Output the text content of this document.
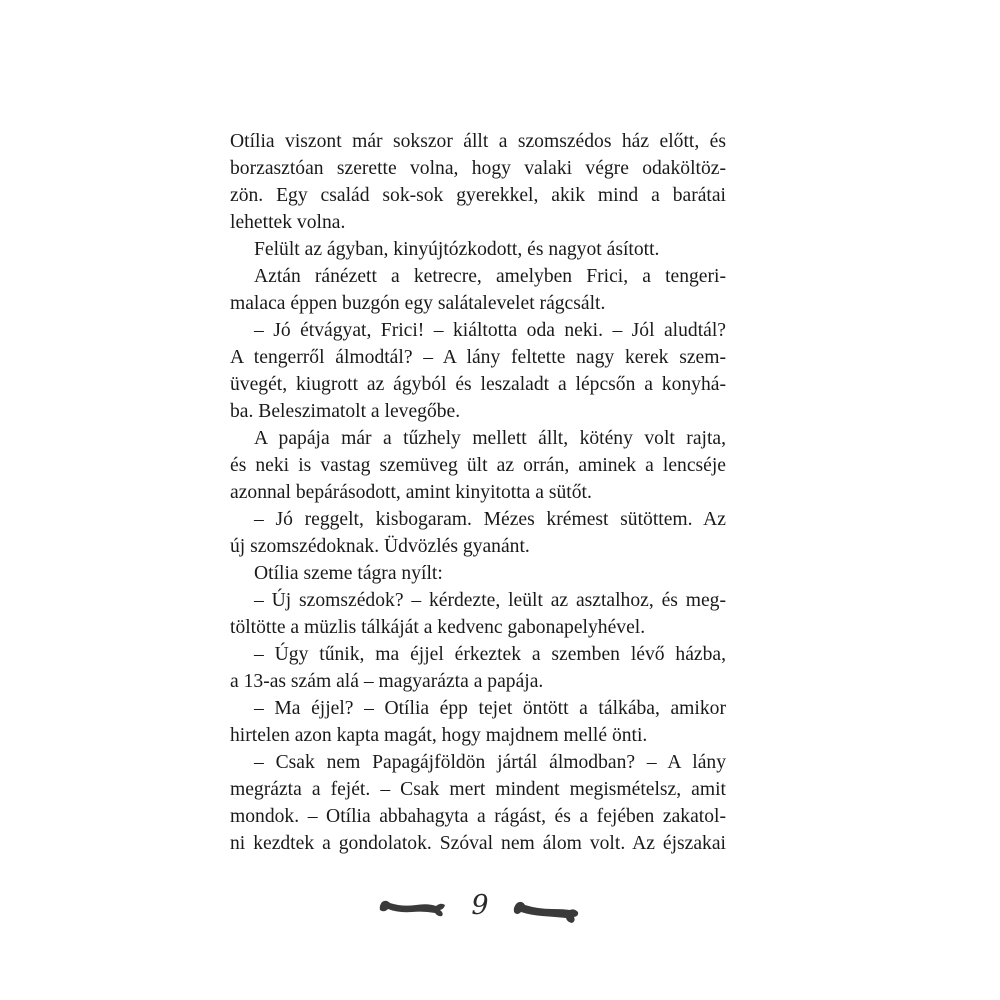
Otília viszont már sokszor állt a szomszédos ház előtt, és
borzasztóan szerette volna, hogy valaki végre odaköltöz-
zön. Egy család sok-sok gyerekkel, akik mind a barátai
lehettek volna.
Felült az ágyban, kinyújtózkodott, és nagyot ásított.
Aztán ránézett a ketrecre, amelyben Frici, a tengeri-
malaca éppen buzgón egy salátalevelet rágcsált.
– Jó étvágyat, Frici! – kiáltotta oda neki. – Jól aludtál?
A tengerről álmodtál? – A lány feltette nagy kerek szem-
üvegét, kiugrott az ágyból és leszaladt a lépcsőn a konyhá-
ba. Beleszimatolt a levegőbe.
A papája már a tűzhely mellett állt, kötény volt rajta,
és neki is vastag szemüveg ült az orrán, aminek a lencséje
azonnal bepárásodott, amint kinyitotta a sütőt.
– Jó reggelt, kisbogaram. Mézes krémest sütöttem. Az
új szomszédoknak. Üdvözlés gyanánt.
Otília szeme tágra nyílt:
– Új szomszédok? – kérdezte, leült az asztalhoz, és meg-
töltötte a müzlis tálkáját a kedvenc gabonapelyhével.
– Úgy tűnik, ma éjjel érkeztek a szemben lévő házba,
a 13-as szám alá – magyarázta a papája.
– Ma éjjel? – Otília épp tejet öntött a tálkába, amikor
hirtelen azon kapta magát, hogy majdnem mellé önti.
– Csak nem Papagájföldön jártál álmodban? – A lány
megrázta a fejét. – Csak mert mindent megismételsz, amit
mondok. – Otília abbahagyta a rágást, és a fejében zakatol-
ni kezdtek a gondolatok. Szóval nem álom volt. Az éjszakai
9
